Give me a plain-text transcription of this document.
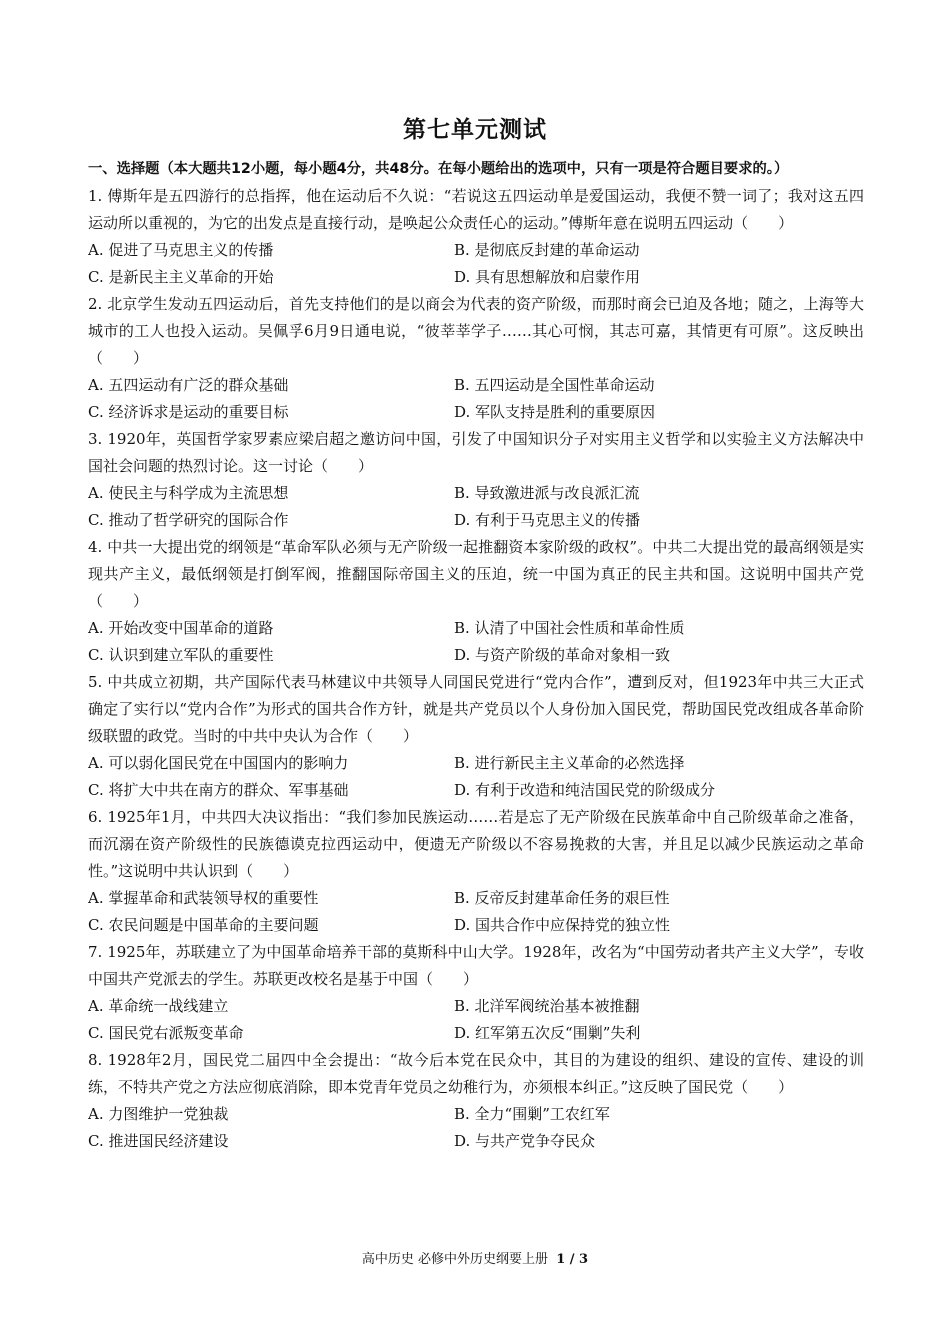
第七单元测试
一、选择题（本大题共12小题，每小题4分，共48分。在每小题给出的选项中，只有一项是符合题目要求的。）

1. 傅斯年是五四游行的总指挥，他在运动后不久说：“若说这五四运动单是爱国运动，我便不赞一词了；我对这五四运动所以重视的，为它的出发点是直接行动，是唤起公众责任心的运动。”傅斯年意在说明五四运动（　　）

A. 促进了马克思主义的传播	B. 是彻底反封建的革命运动
C. 是新民主主义革命的开始	D. 具有思想解放和启蒙作用

2. 北京学生发动五四运动后，首先支持他们的是以商会为代表的资产阶级，而那时商会已迫及各地；随之，上海等大城市的工人也投入运动。吴佩孚6月9日通电说，“彼莘莘学子……其心可悯，其志可嘉，其情更有可原”。这反映出（　　）

A. 五四运动有广泛的群众基础	B. 五四运动是全国性革命运动
C. 经济诉求是运动的重要目标	D. 军队支持是胜利的重要原因

3. 1920年，英国哲学家罗素应梁启超之邀访问中国，引发了中国知识分子对实用主义哲学和以实验主义方法解决中国社会问题的热烈讨论。这一讨论（　　）

A. 使民主与科学成为主流思想	B. 导致激进派与改良派汇流
C. 推动了哲学研究的国际合作	D. 有利于马克思主义的传播

4. 中共一大提出党的纲领是“革命军队必须与无产阶级一起推翻资本家阶级的政权”。中共二大提出党的最高纲领是实现共产主义，最低纲领是打倒军阀，推翻国际帝国主义的压迫，统一中国为真正的民主共和国。这说明中国共产党（　　）

A. 开始改变中国革命的道路	B. 认清了中国社会性质和革命性质
C. 认识到建立军队的重要性	D. 与资产阶级的革命对象相一致

5. 中共成立初期，共产国际代表马林建议中共领导人同国民党进行“党内合作”，遭到反对，但1923年中共三大正式确定了实行以“党内合作”为形式的国共合作方针，就是共产党员以个人身份加入国民党，帮助国民党改组成各革命阶级联盟的政党。当时的中共中央认为合作（　　）

A. 可以弱化国民党在中国国内的影响力	B. 进行新民主主义革命的必然选择
C. 将扩大中共在南方的群众、军事基础	D. 有利于改造和纯洁国民党的阶级成分

6. 1925年1月，中共四大决议指出：“我们参加民族运动……若是忘了无产阶级在民族革命中自己阶级革命之准备，而沉溺在资产阶级性的民族德谟克拉西运动中，便遗无产阶级以不容易挽救的大害，并且足以减少民族运动之革命性。”这说明中共认识到（　　）

A. 掌握革命和武装领导权的重要性	B. 反帝反封建革命任务的艰巨性
C. 农民问题是中国革命的主要问题	D. 国共合作中应保持党的独立性

7. 1925年，苏联建立了为中国革命培养干部的莫斯科中山大学。1928年，改名为“中国劳动者共产主义大学”，专收中国共产党派去的学生。苏联更改校名是基于中国（　　）

A. 革命统一战线建立	B. 北洋军阀统治基本被推翻
C. 国民党右派叛变革命	D. 红军第五次反“围剿”失利

8. 1928年2月，国民党二届四中全会提出：“故今后本党在民众中，其目的为建设的组织、建设的宣传、建设的训练，不特共产党之方法应彻底消除，即本党青年党员之幼稚行为，亦须根本纠正。”这反映了国民党（　　）

A. 力图维护一党独裁	B. 全力“围剿”工农红军
C. 推进国民经济建设	D. 与共产党争夺民众
高中历史 必修中外历史纲要上册 1 / 3
